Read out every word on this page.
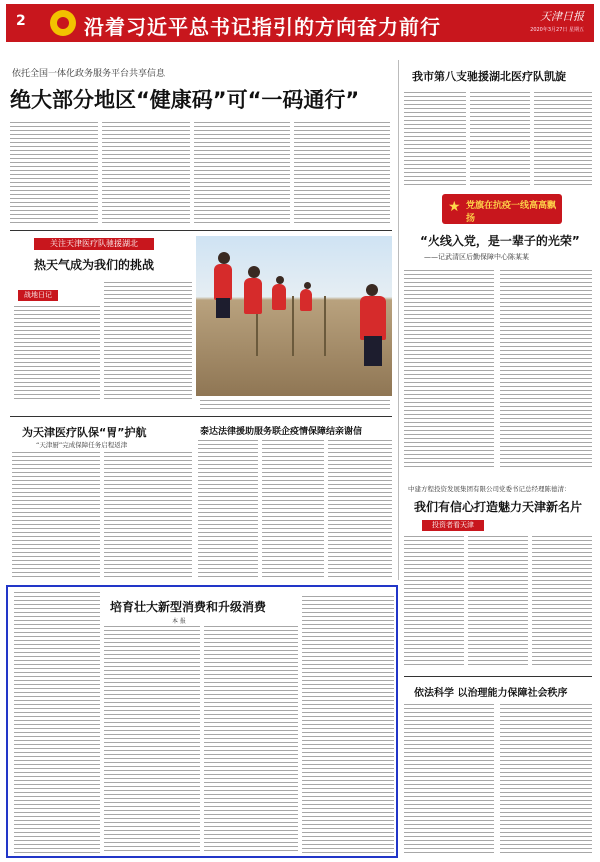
2	沿着习近平总书记指引的方向奋力前行	天津日报
2020年3月27日 星期五
依托全国一体化政务服务平台共享信息
绝大部分地区“健康码”可“一码通行”
我市第八支驰援湖北医疗队凯旋
★ 党旗在抗疫一线高高飘扬
“火线入党，是一辈子的光荣”
——记武清区后勤保障中心陈某某
中建方程投资发展集团有限公司党委书记总经理陈德清：
我们有信心打造魅力天津新名片
投资者看天津
依法科学 以治理能力保障社会秩序
关注天津医疗队驰援湖北
热天气成为我们的挑战
战地日记
为天津医疗队保“胃”护航
“天津厨”完成保障任务启程返津
泰达法律援助服务联企疫情保障结亲谢信
培育壮大新型消费和升级消费
本 报
